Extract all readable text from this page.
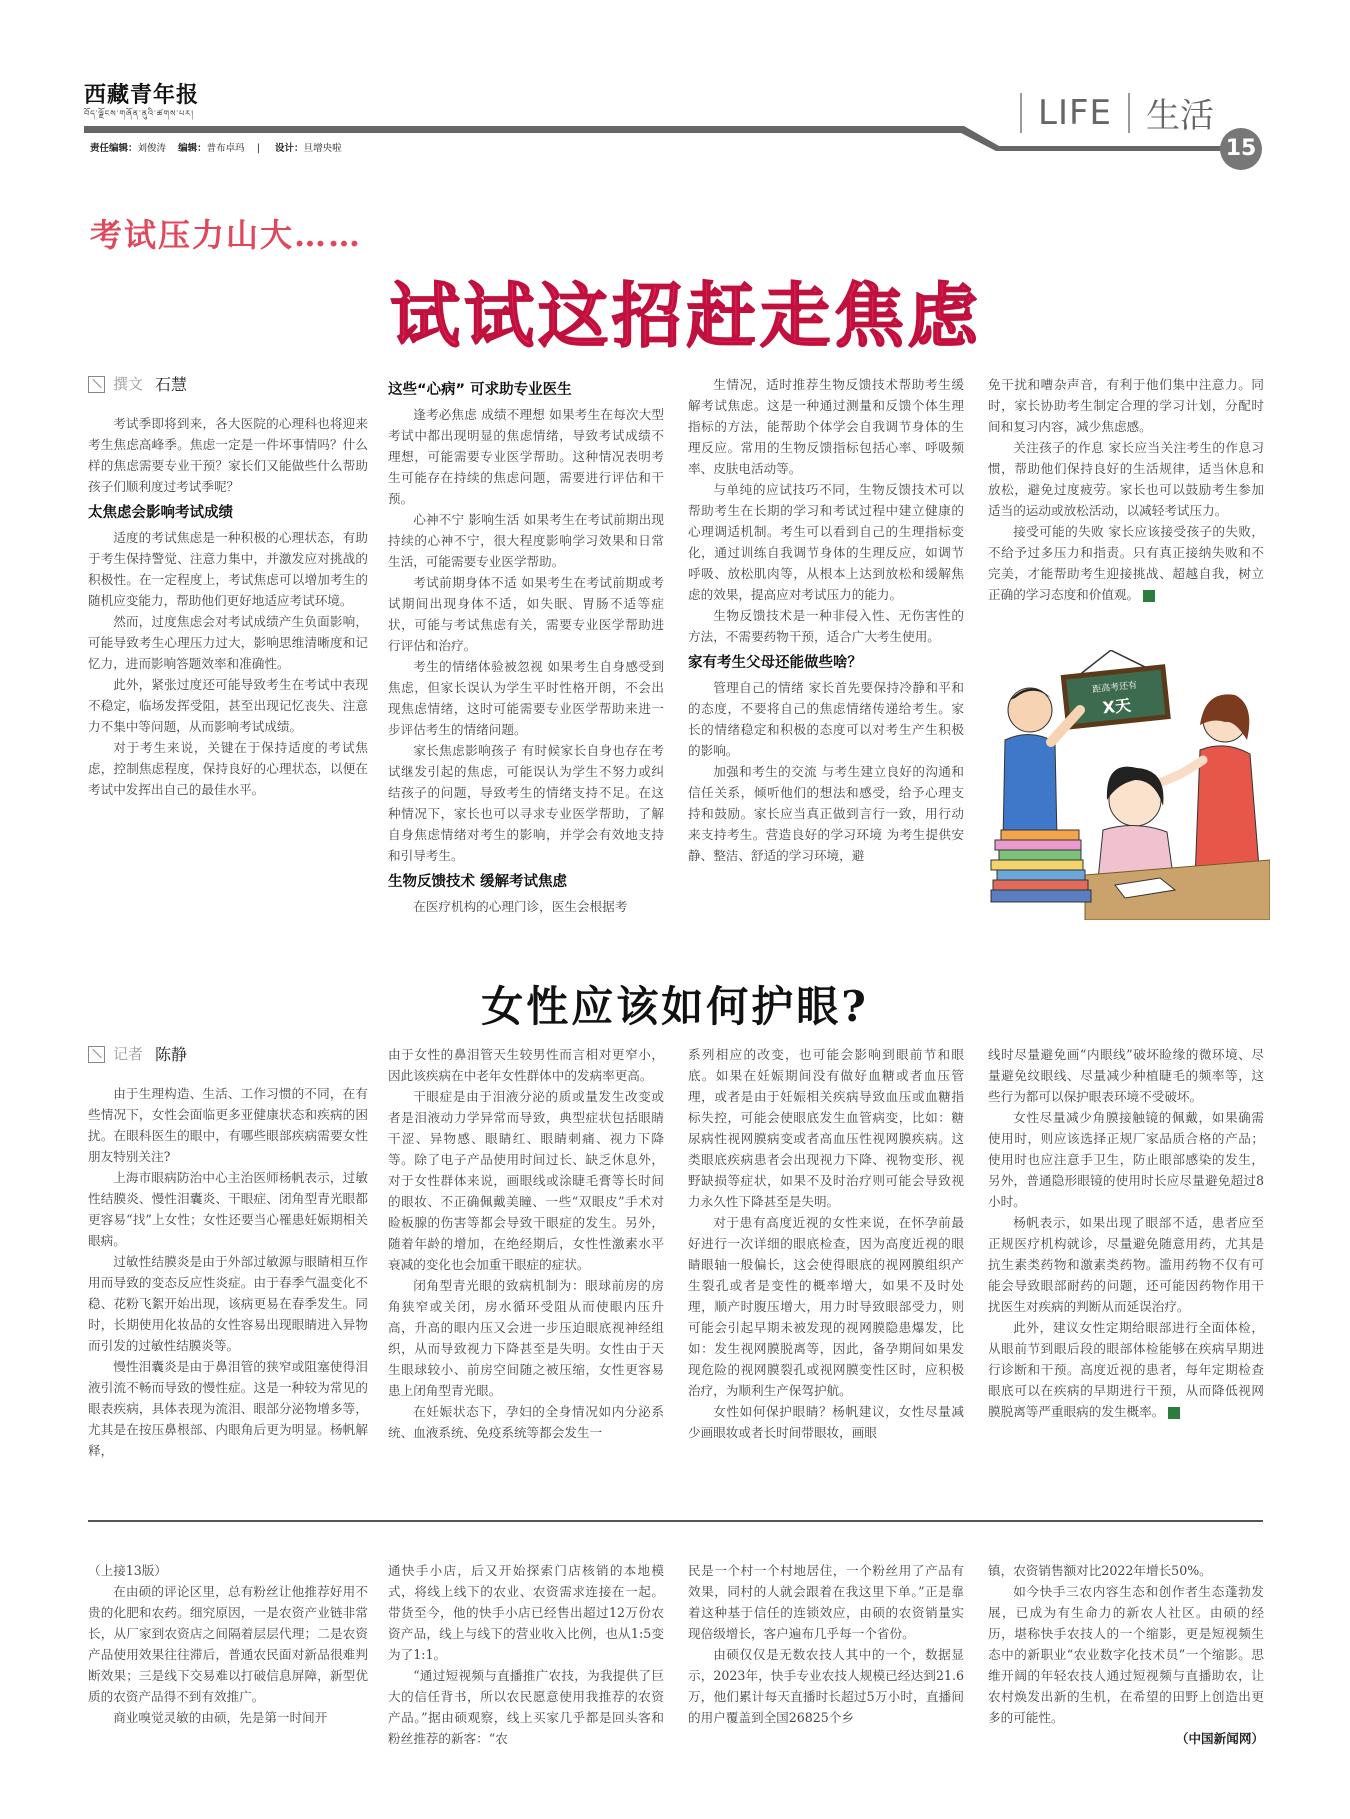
西藏青年报
བོད་ལྗོངས་གཞོན་ནུའི་ཚགས་པར།	LIFE 生活
15
责任编辑：刘俊涛 编辑：普布卓玛    |     设计：旦增央啦
考试压力山大……
试试这招赶走焦虑
撰文 石慧

考试季即将到来，各大医院的心理科也将迎来考生焦虑高峰季。焦虑一定是一件坏事情吗？什么样的焦虑需要专业干预？家长们又能做些什么帮助孩子们顺利度过考试季呢？

太焦虑会影响考试成绩

适度的考试焦虑是一种积极的心理状态，有助于考生保持警觉、注意力集中，并激发应对挑战的积极性。在一定程度上，考试焦虑可以增加考生的随机应变能力，帮助他们更好地适应考试环境。

然而，过度焦虑会对考试成绩产生负面影响，可能导致考生心理压力过大，影响思维清晰度和记忆力，进而影响答题效率和准确性。

此外，紧张过度还可能导致考生在考试中表现不稳定，临场发挥受阻，甚至出现记忆丧失、注意力不集中等问题，从而影响考试成绩。

对于考生来说，关键在于保持适度的考试焦虑，控制焦虑程度，保持良好的心理状态，以便在考试中发挥出自己的最佳水平。

这些“心病” 可求助专业医生

逢考必焦虑 成绩不理想 如果考生在每次大型考试中都出现明显的焦虑情绪，导致考试成绩不理想，可能需要专业医学帮助。这种情况表明考生可能存在持续的焦虑问题，需要进行评估和干预。

心神不宁 影响生活 如果考生在考试前期出现持续的心神不宁，很大程度影响学习效果和日常生活，可能需要专业医学帮助。

考试前期身体不适 如果考生在考试前期或考试期间出现身体不适，如失眠、胃肠不适等症状，可能与考试焦虑有关，需要专业医学帮助进行评估和治疗。

考生的情绪体验被忽视 如果考生自身感受到焦虑，但家长误认为学生平时性格开朗，不会出现焦虑情绪，这时可能需要专业医学帮助来进一步评估考生的情绪问题。

家长焦虑影响孩子 有时候家长自身也存在考试继发引起的焦虑，可能误认为学生不努力或纠结孩子的问题，导致考生的情绪支持不足。在这种情况下，家长也可以寻求专业医学帮助，了解自身焦虑情绪对考生的影响，并学会有效地支持和引导考生。

生物反馈技术 缓解考试焦虑

在医疗机构的心理门诊，医生会根据考

生情况，适时推荐生物反馈技术帮助考生缓解考试焦虑。这是一种通过测量和反馈个体生理指标的方法，能帮助个体学会自我调节身体的生理反应。常用的生物反馈指标包括心率、呼吸频率、皮肤电活动等。

与单纯的应试技巧不同，生物反馈技术可以帮助考生在长期的学习和考试过程中建立健康的心理调适机制。考生可以看到自己的生理指标变化，通过训练自我调节身体的生理反应，如调节呼吸、放松肌肉等，从根本上达到放松和缓解焦虑的效果，提高应对考试压力的能力。

生物反馈技术是一种非侵入性、无伤害性的方法，不需要药物干预，适合广大考生使用。

家有考生父母还能做些啥？

管理自己的情绪 家长首先要保持冷静和平和的态度，不要将自己的焦虑情绪传递给考生。家长的情绪稳定和积极的态度可以对考生产生积极的影响。

加强和考生的交流 与考生建立良好的沟通和信任关系，倾听他们的想法和感受，给予心理支持和鼓励。家长应当真正做到言行一致，用行动来支持考生。营造良好的学习环境 为考生提供安静、整洁、舒适的学习环境，避

免干扰和嘈杂声音，有利于他们集中注意力。同时，家长协助考生制定合理的学习计划，分配时间和复习内容，减少焦虑感。

关注孩子的作息 家长应当关注考生的作息习惯，帮助他们保持良好的生活规律，适当休息和放松，避免过度疲劳。家长也可以鼓励考生参加适当的运动或放松活动，以减轻考试压力。

接受可能的失败 家长应该接受孩子的失败，不给予过多压力和指责。只有真正接纳失败和不完美，才能帮助考生迎接挑战、超越自我，树立正确的学习态度和价值观。	✚

距高考还有
X天
女性应该如何护眼?
记者 陈静

由于生理构造、生活、工作习惯的不同，在有些情况下，女性会面临更多亚健康状态和疾病的困扰。在眼科医生的眼中，有哪些眼部疾病需要女性朋友特别关注?

上海市眼病防治中心主治医师杨帆表示，过敏性结膜炎、慢性泪囊炎、干眼症、闭角型青光眼都更容易“找”上女性；女性还要当心罹患妊娠期相关眼病。

过敏性结膜炎是由于外部过敏源与眼睛相互作用而导致的变态反应性炎症。由于春季气温变化不稳、花粉飞絮开始出现，该病更易在春季发生。同时，长期使用化妆品的女性容易出现眼睛进入异物而引发的过敏性结膜炎等。

慢性泪囊炎是由于鼻泪管的狭窄或阻塞使得泪液引流不畅而导致的慢性症。这是一种较为常见的眼表疾病，具体表现为流泪、眼部分泌物增多等，尤其是在按压鼻根部、内眼角后更为明显。杨帆解释，

由于女性的鼻泪管天生较男性而言相对更窄小，因此该疾病在中老年女性群体中的发病率更高。

干眼症是由于泪液分泌的质或量发生改变或者是泪液动力学异常而导致，典型症状包括眼睛干涩、异物感、眼睛红、眼睛刺痛、视力下降等。除了电子产品使用时间过长、缺乏休息外，对于女性群体来说，画眼线或涂睫毛膏等长时间的眼妆、不正确佩戴美瞳、一些“双眼皮”手术对睑板腺的伤害等都会导致干眼症的发生。另外，随着年龄的增加，在绝经期后，女性性激素水平衰减的变化也会加重干眼症的症状。

闭角型青光眼的致病机制为：眼球前房的房角狭窄或关闭，房水循环受阻从而使眼内压升高，升高的眼内压又会进一步压迫眼底视神经组织，从而导致视力下降甚至是失明。女性由于天生眼球较小、前房空间随之被压缩，女性更容易患上闭角型青光眼。

在妊娠状态下，孕妇的全身情况如内分泌系统、血液系统、免疫系统等都会发生一

系列相应的改变，也可能会影响到眼前节和眼底。如果在妊娠期间没有做好血糖或者血压管理，或者是由于妊娠相关疾病导致血压或血糖指标失控，可能会使眼底发生血管病变，比如：糖尿病性视网膜病变或者高血压性视网膜疾病。这类眼底疾病患者会出现视力下降、视物变形、视野缺损等症状，如果不及时治疗则可能会导致视力永久性下降甚至是失明。

对于患有高度近视的女性来说，在怀孕前最好进行一次详细的眼底检查，因为高度近视的眼睛眼轴一般偏长，这会使得眼底的视网膜组织产生裂孔或者是变性的概率增大，如果不及时处理，顺产时腹压增大，用力时导致眼部受力，则可能会引起早期未被发现的视网膜隐患爆发，比如：发生视网膜脱离等，因此，备孕期间如果发现危险的视网膜裂孔或视网膜变性区时，应积极治疗，为顺利生产保驾护航。

女性如何保护眼睛？杨帆建议，女性尽量减少画眼妆或者长时间带眼妆，画眼

线时尽量避免画“内眼线”破坏睑缘的微环境、尽量避免纹眼线、尽量减少种植睫毛的频率等，这些行为都可以保护眼表环境不受破坏。

女性尽量减少角膜接触镜的佩戴，如果确需使用时，则应该选择正规厂家品质合格的产品；使用时也应注意手卫生，防止眼部感染的发生，另外，普通隐形眼镜的使用时长应尽量避免超过8小时。

杨帆表示，如果出现了眼部不适，患者应至正规医疗机构就诊，尽量避免随意用药，尤其是抗生素类药物和激素类药物。滥用药物不仅有可能会导致眼部耐药的问题，还可能因药物作用干扰医生对疾病的判断从而延误治疗。

此外，建议女性定期给眼部进行全面体检，从眼前节到眼后段的眼部体检能够在疾病早期进行诊断和干预。高度近视的患者，每年定期检查眼底可以在疾病的早期进行干预，从而降低视网膜脱离等严重眼病的发生概率。	✚

（上接13版）

在由硕的评论区里，总有粉丝让他推荐好用不贵的化肥和农药。细究原因，一是农资产业链非常长，从厂家到农资店之间隔着层层代理；二是农资产品使用效果往往滞后，普通农民面对新品很难判断效果；三是线下交易难以打破信息屏障，新型优质的农资产品得不到有效推广。

商业嗅觉灵敏的由硕，先是第一时间开

通快手小店，后又开始探索门店核销的本地模式，将线上线下的农业、农资需求连接在一起。带货至今，他的快手小店已经售出超过12万份农资产品，线上与线下的营业收入比例，也从1:5变为了1:1。

“通过短视频与直播推广农技，为我提供了巨大的信任背书，所以农民愿意使用我推荐的农资产品。”据由硕观察，线上买家几乎都是回头客和粉丝推荐的新客：“农

民是一个村一个村地居住，一个粉丝用了产品有效果，同村的人就会跟着在我这里下单。”正是靠着这种基于信任的连锁效应，由硕的农资销量实现倍级增长，客户遍布几乎每一个省份。

由硕仅仅是无数农技人其中的一个，数据显示，2023年，快手专业农技人规模已经达到21.6万，他们累计每天直播时长超过5万小时，直播间的用户覆盖到全国26825个乡

镇，农资销售额对比2022年增长50%。

如今快手三农内容生态和创作者生态蓬勃发展，已成为有生命力的新农人社区。由硕的经历，堪称快手农技人的一个缩影，更是短视频生态中的新职业“农业数字化技术员”一个缩影。思维开阔的年轻农技人通过短视频与直播助农，让农村焕发出新的生机，在希望的田野上创造出更多的可能性。

（中国新闻网）
